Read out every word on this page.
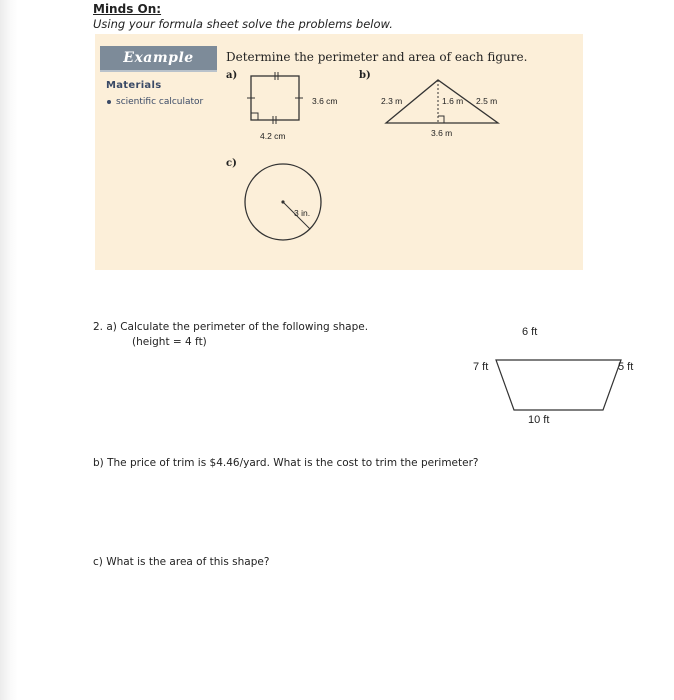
Minds On:
Using your formula sheet solve the problems below.
Example
Materials
scientific calculator
Determine the perimeter and area of each figure.
a)
3.6 cm
4.2 cm
b)
2.3 m	1.6 m 2.5 m
3.6 m
c)
3 in.
2. a) Calculate the perimeter of the following shape.
(height = 4 ft)
6 ft
7 ft	5 ft
10 ft
b) The price of trim is $4.46/yard. What is the cost to trim the perimeter?
c) What is the area of this shape?
